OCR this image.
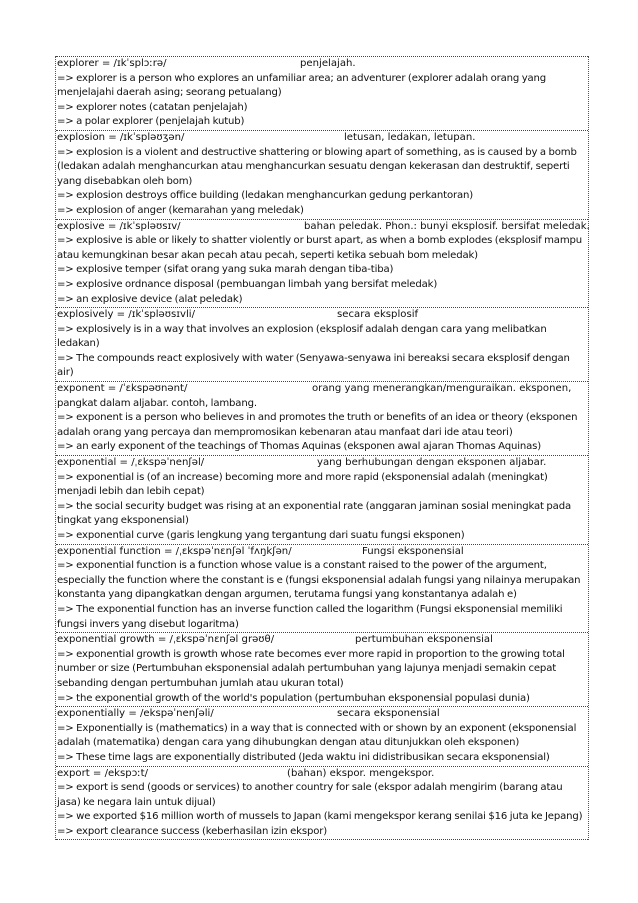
explorer = /ɪkˈsplɔːrə/	penjelajah.
=> explorer is a person who explores an unfamiliar area; an adventurer (explorer adalah orang yang menjelajahi daerah asing; seorang petualang)
=> explorer notes (catatan penjelajah)
=> a polar explorer (penjelajah kutub)
explosion = /ɪkˈspləʊʒən/	letusan, ledakan, letupan.
=> explosion is a violent and destructive shattering or blowing apart of something, as is caused by a bomb (ledakan adalah menghancurkan atau menghancurkan sesuatu dengan kekerasan dan destruktif, seperti yang disebabkan oleh bom)
=> explosion destroys office building (ledakan menghancurkan gedung perkantoran)
=> explosion of anger (kemarahan yang meledak)
explosive = /ɪkˈspləʊsɪv/	bahan peledak. Phon.: bunyi eksplosif. bersifat meledak.
=> explosive is able or likely to shatter violently or burst apart, as when a bomb explodes (eksplosif mampu atau kemungkinan besar akan pecah atau pecah, seperti ketika sebuah bom meledak)
=> explosive temper (sifat orang yang suka marah dengan tiba-tiba)
=> explosive ordnance disposal (pembuangan limbah yang bersifat meledak)
=> an explosive device (alat peledak)
explosively = /ɪkˈspləʊsɪvli/	secara eksplosif
=> explosively is in a way that involves an explosion (eksplosif adalah dengan cara yang melibatkan ledakan)
=> The compounds react explosively with water (Senyawa-senyawa ini bereaksi secara eksplosif dengan air)
exponent = /ˈɛkspəʊnənt/	orang yang menerangkan/menguraikan. eksponen,
pangkat dalam aljabar. contoh, lambang.
=> exponent is a person who believes in and promotes the truth or benefits of an idea or theory (eksponen adalah orang yang percaya dan mempromosikan kebenaran atau manfaat dari ide atau teori)
=> an early exponent of the teachings of Thomas Aquinas (eksponen awal ajaran Thomas Aquinas)
exponential = /ˌɛkspəˈnenʃəl/	yang berhubungan dengan eksponen aljabar.
=> exponential is (of an increase) becoming more and more rapid (eksponensial adalah (meningkat) menjadi lebih dan lebih cepat)
=> the social security budget was rising at an exponential rate (anggaran jaminan sosial meningkat pada tingkat yang eksponensial)
=> exponential curve (garis lengkung yang tergantung dari suatu fungsi eksponen)
exponential function = /ˌɛkspəˈnɛnʃəl ˈfʌŋkʃən/	Fungsi eksponensial
=> exponential function is a function whose value is a constant raised to the power of the argument, especially the function where the constant is e (fungsi eksponensial adalah fungsi yang nilainya merupakan konstanta yang dipangkatkan dengan argumen, terutama fungsi yang konstantanya adalah e)
=> The exponential function has an inverse function called the logarithm (Fungsi eksponensial memiliki fungsi invers yang disebut logaritma)
exponential growth = /ˌɛkspəˈnɛnʃəl grəʊθ/	pertumbuhan eksponensial
=> exponential growth is growth whose rate becomes ever more rapid in proportion to the growing total number or size (Pertumbuhan eksponensial adalah pertumbuhan yang lajunya menjadi semakin cepat sebanding dengan pertumbuhan jumlah atau ukuran total)
=> the exponential growth of the world's population (pertumbuhan eksponensial populasi dunia)
exponentially = /ekspəˈnenʃəli/	secara eksponensial
=> Exponentially is (mathematics) in a way that is connected with or shown by an exponent (eksponensial adalah (matematika) dengan cara yang dihubungkan dengan atau ditunjukkan oleh eksponen)
=> These time lags are exponentially distributed (Jeda waktu ini didistribusikan secara eksponensial)
export = /ekspɔːt/	(bahan) ekspor. mengekspor.
=> export is send (goods or services) to another country for sale (ekspor adalah mengirim (barang atau jasa) ke negara lain untuk dijual)
=> we exported $16 million worth of mussels to Japan (kami mengekspor kerang senilai $16 juta ke Jepang)
=> export clearance success (keberhasilan izin ekspor)
